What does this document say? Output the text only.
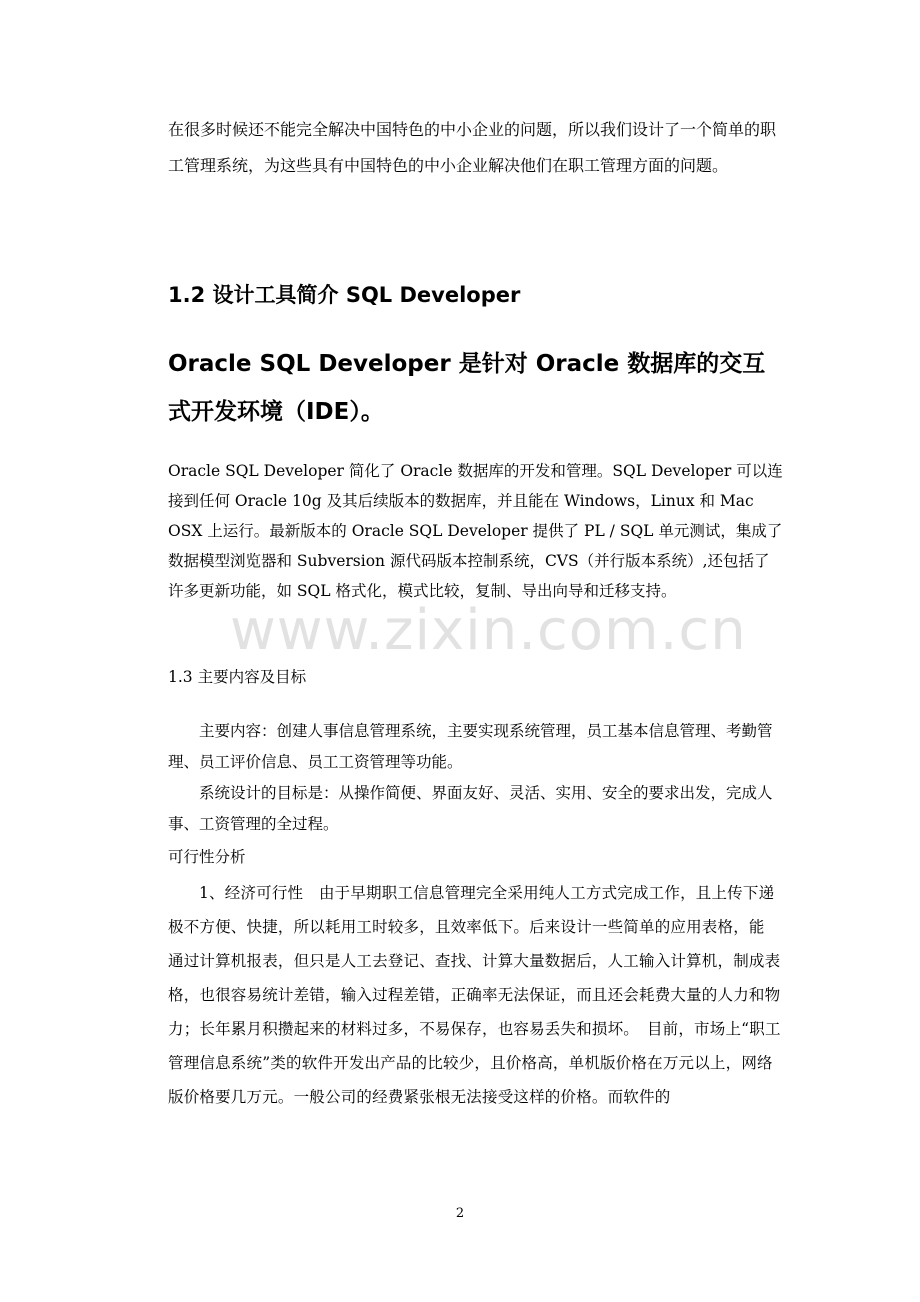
在很多时候还不能完全解决中国特色的中小企业的问题，所以我们设计了一个简单的职工管理系统，为这些具有中国特色的中小企业解决他们在职工管理方面的问题。

1.2 设计工具简介 SQL Developer
Oracle SQL Developer 是针对 Oracle 数据库的交互式开发环境（IDE）。

Oracle SQL Developer 简化了 Oracle 数据库的开发和管理。SQL Developer 可以连接到任何 Oracle 10g 及其后续版本的数据库，并且能在 Windows，Linux 和 Mac OSX 上运行。最新版本的 Oracle SQL Developer 提供了 PL / SQL 单元测试，集成了数据模型浏览器和 Subversion 源代码版本控制系统，CVS（并行版本系统）,还包括了许多更新功能，如 SQL 格式化，模式比较，复制、导出向导和迁移支持。

1.3 主要内容及目标

主要内容：创建人事信息管理系统，主要实现系统管理，员工基本信息管理、考勤管理、员工评价信息、员工工资管理等功能。

系统设计的目标是：从操作简便、界面友好、灵活、实用、安全的要求出发，完成人事、工资管理的全过程。

可行性分析

1、经济可行性　由于早期职工信息管理完全采用纯人工方式完成工作，且上传下递极不方便、快捷，所以耗用工时较多，且效率低下。后来设计一些简单的应用表格，能 通过计算机报表，但只是人工去登记、查找、计算大量数据后，人工输入计算机，制成表格，也很容易统计差错，输入过程差错，正确率无法保证，而且还会耗费大量的人力和物力；长年累月积攒起来的材料过多，不易保存，也容易丢失和损坏。　目前，市场上“职工管理信息系统”类的软件开发出产品的比较少，且价格高，单机版价格在万元以上，网络版价格要几万元。一般公司的经费紧张根无法接受这样的价格。而软件的

www.zixin.com.cn
2
